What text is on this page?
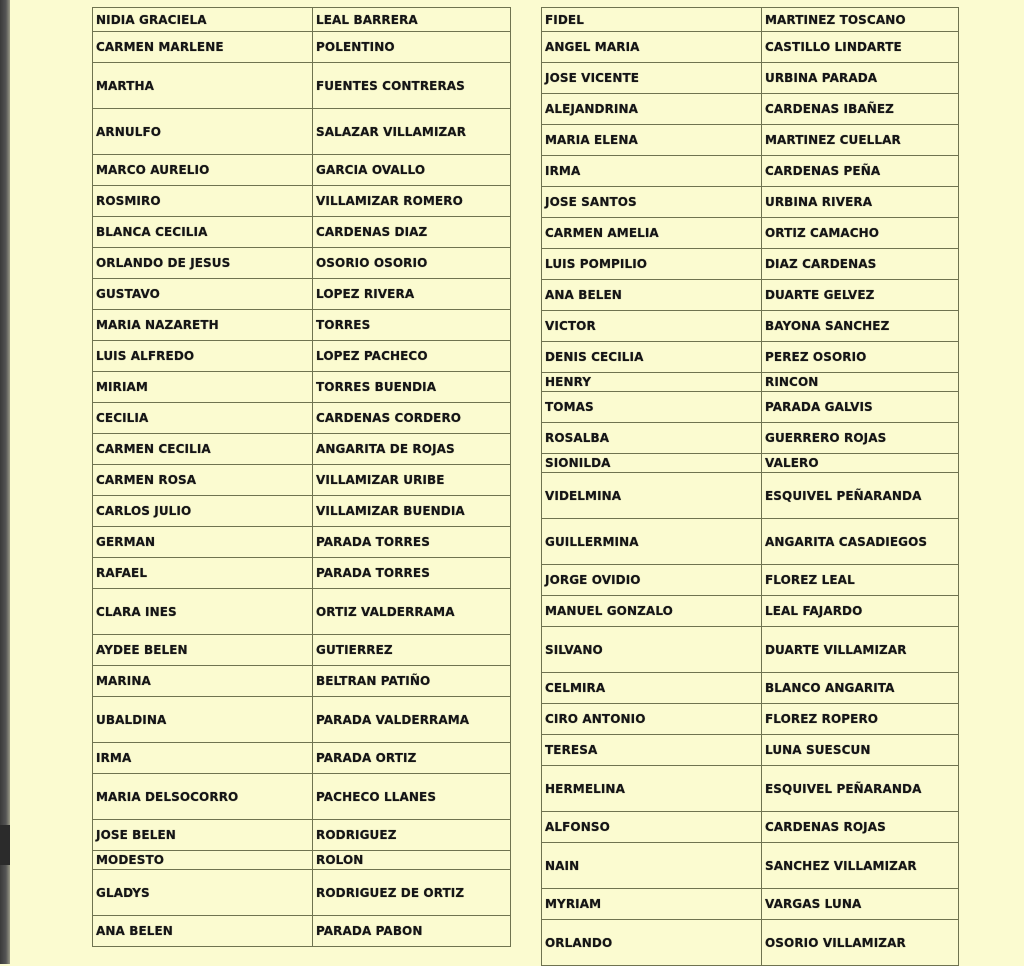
NIDIA GRACIELA	LEAL BARRERA
CARMEN MARLENE	POLENTINO
MARTHA	FUENTES CONTRERAS
ARNULFO	SALAZAR VILLAMIZAR
MARCO AURELIO	GARCIA OVALLO
ROSMIRO	VILLAMIZAR ROMERO
BLANCA CECILIA	CARDENAS DIAZ
ORLANDO DE JESUS	OSORIO OSORIO
GUSTAVO	LOPEZ RIVERA
MARIA NAZARETH	TORRES
LUIS ALFREDO	LOPEZ PACHECO
MIRIAM	TORRES BUENDIA
CECILIA	CARDENAS CORDERO
CARMEN CECILIA	ANGARITA DE ROJAS
CARMEN ROSA	VILLAMIZAR URIBE
CARLOS JULIO	VILLAMIZAR BUENDIA
GERMAN	PARADA TORRES
RAFAEL	PARADA TORRES
CLARA INES	ORTIZ VALDERRAMA
AYDEE BELEN	GUTIERREZ
MARINA	BELTRAN PATIÑO
UBALDINA	PARADA VALDERRAMA
IRMA	PARADA ORTIZ
MARIA DELSOCORRO	PACHECO LLANES
JOSE BELEN	RODRIGUEZ
MODESTO	ROLON
GLADYS	RODRIGUEZ DE ORTIZ
ANA BELEN	PARADA PABON
FIDEL	MARTINEZ TOSCANO
ANGEL MARIA	CASTILLO LINDARTE
JOSE VICENTE	URBINA PARADA
ALEJANDRINA	CARDENAS IBAÑEZ
MARIA ELENA	MARTINEZ CUELLAR
IRMA	CARDENAS PEÑA
JOSE SANTOS	URBINA RIVERA
CARMEN AMELIA	ORTIZ CAMACHO
LUIS POMPILIO	DIAZ CARDENAS
ANA BELEN	DUARTE GELVEZ
VICTOR	BAYONA SANCHEZ
DENIS CECILIA	PEREZ OSORIO
HENRY	RINCON
TOMAS	PARADA GALVIS
ROSALBA	GUERRERO ROJAS
SIONILDA	VALERO
VIDELMINA	ESQUIVEL PEÑARANDA
GUILLERMINA	ANGARITA CASADIEGOS
JORGE OVIDIO	FLOREZ LEAL
MANUEL GONZALO	LEAL FAJARDO
SILVANO	DUARTE VILLAMIZAR
CELMIRA	BLANCO ANGARITA
CIRO ANTONIO	FLOREZ ROPERO
TERESA	LUNA SUESCUN
HERMELINA	ESQUIVEL PEÑARANDA
ALFONSO	CARDENAS ROJAS
NAIN	SANCHEZ VILLAMIZAR
MYRIAM	VARGAS LUNA
ORLANDO	OSORIO VILLAMIZAR
